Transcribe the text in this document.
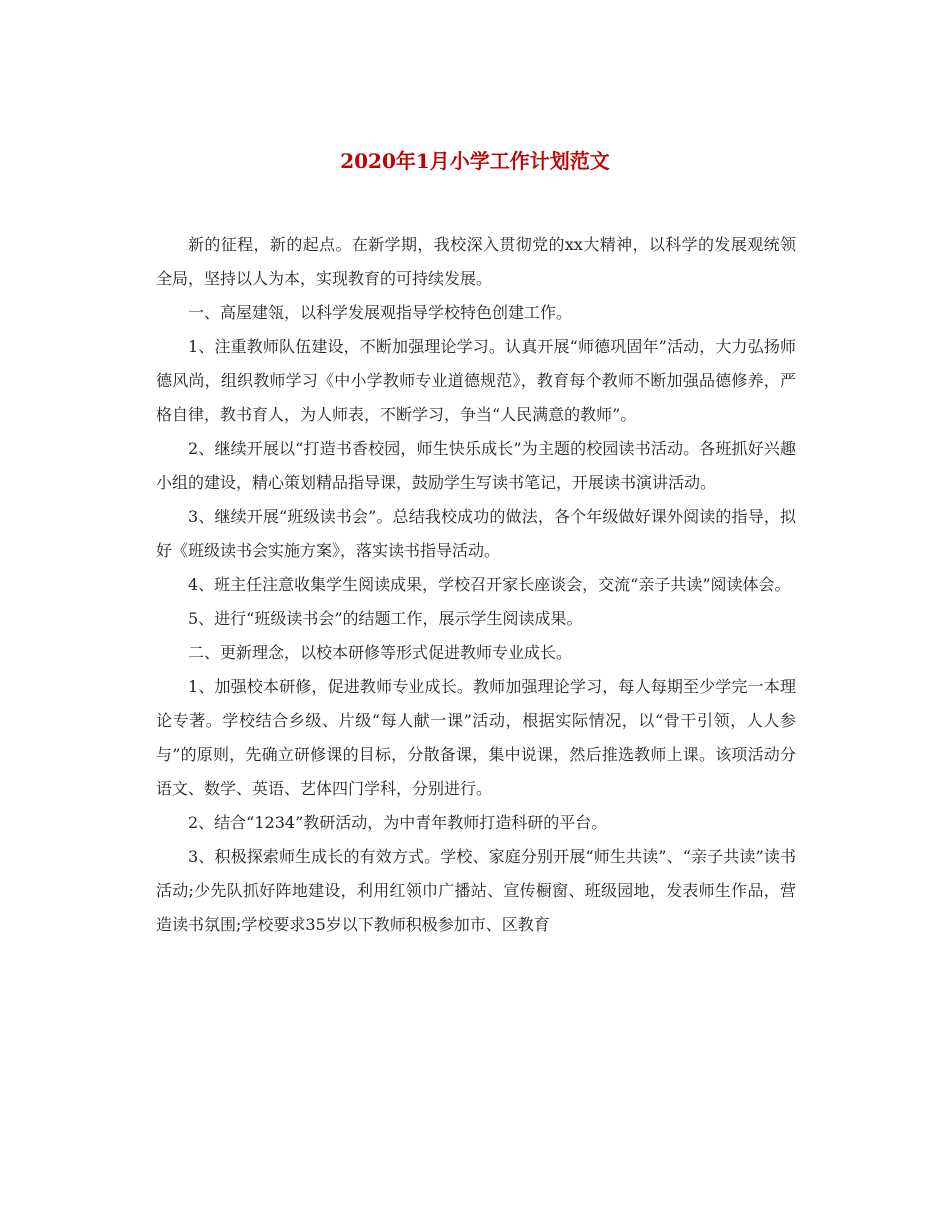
2020年1月小学工作计划范文

新的征程，新的起点。在新学期，我校深入贯彻党的xx大精神，以科学的发展观统领全局，坚持以人为本，实现教育的可持续发展。

一、高屋建瓴，以科学发展观指导学校特色创建工作。

1、注重教师队伍建设，不断加强理论学习。认真开展“师德巩固年”活动，大力弘扬师德风尚，组织教师学习《中小学教师专业道德规范》，教育每个教师不断加强品德修养，严格自律，教书育人，为人师表，不断学习，争当“人民满意的教师”。

2、继续开展以“打造书香校园，师生快乐成长”为主题的校园读书活动。各班抓好兴趣小组的建设，精心策划精品指导课，鼓励学生写读书笔记，开展读书演讲活动。

3、继续开展“班级读书会”。总结我校成功的做法，各个年级做好课外阅读的指导，拟好《班级读书会实施方案》，落实读书指导活动。

4、班主任注意收集学生阅读成果，学校召开家长座谈会，交流“亲子共读”阅读体会。

5、进行“班级读书会”的结题工作，展示学生阅读成果。

二、更新理念，以校本研修等形式促进教师专业成长。

1、加强校本研修，促进教师专业成长。教师加强理论学习，每人每期至少学完一本理论专著。学校结合乡级、片级“每人献一课”活动，根据实际情况，以“骨干引领，人人参与”的原则，先确立研修课的目标，分散备课，集中说课，然后推选教师上课。该项活动分语文、数学、英语、艺体四门学科，分别进行。

2、结合“1234”教研活动，为中青年教师打造科研的平台。

3、积极探索师生成长的有效方式。学校、家庭分别开展“师生共读”、“亲子共读”读书活动;少先队抓好阵地建设，利用红领巾广播站、宣传橱窗、班级园地，发表师生作品，营造读书氛围;学校要求35岁以下教师积极参加市、区教育
